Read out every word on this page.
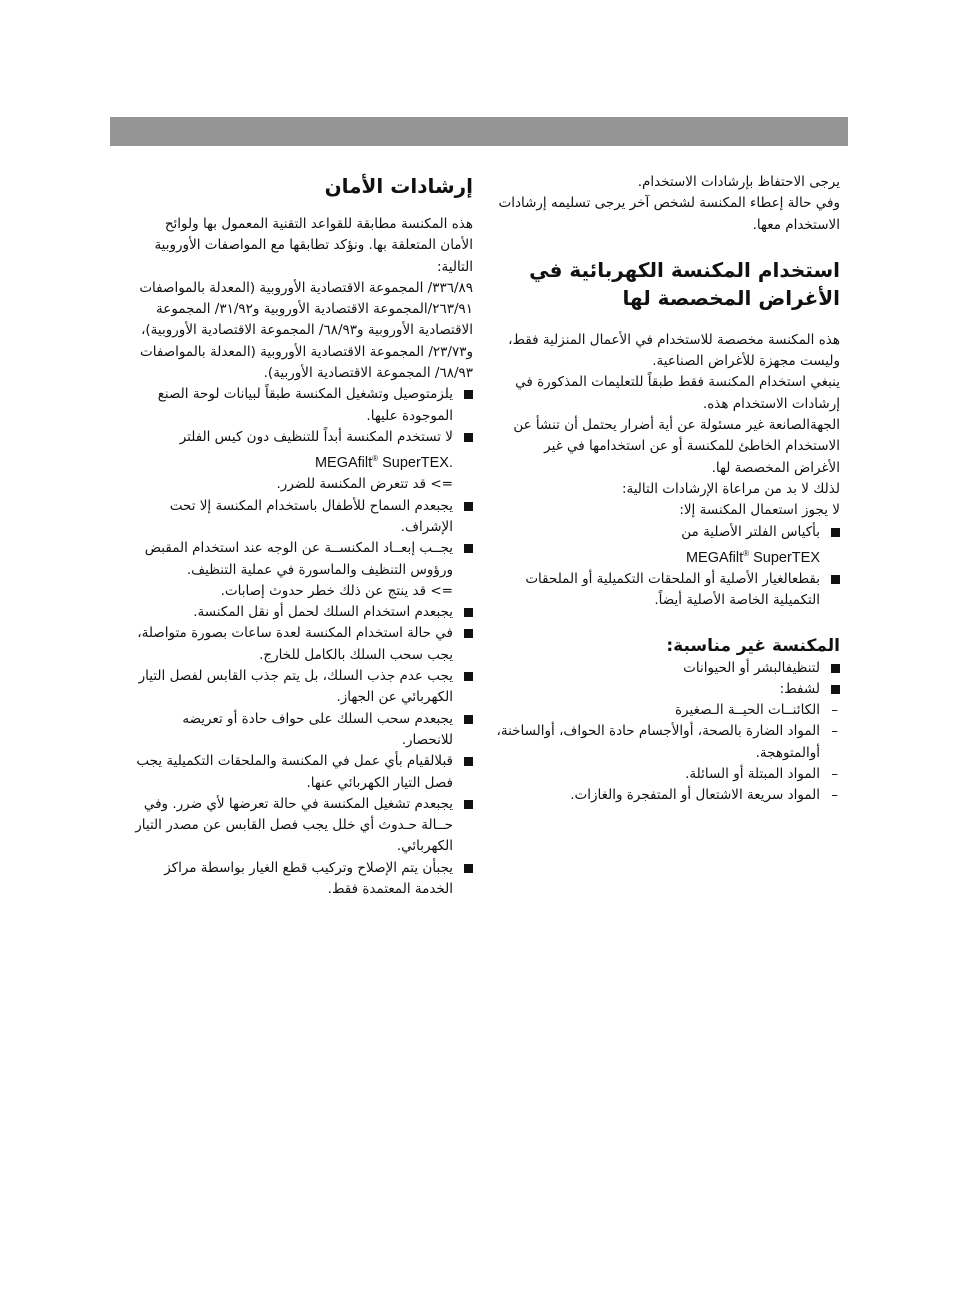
يرجى الاحتفاظ بإرشادات الاستخدام.

وفي حالة إعطاء المكنسة لشخص آخر يرجى تسليمه إرشادات الاستخدام معها.

استخدام المكنسة الكهربائية في
الأغراض المخصصة لها

هذه المكنسة مخصصة للاستخدام في الأعمال المنزلية فقط، وليست مجهزة للأغراض الصناعية.

ينبغي استخدام المكنسة فقط طبقاً للتعليمات المذكورة في إرشادات الاستخدام هذه.

الجهةالصانعة غير مسئولة عن أية أضرار يحتمل أن تنشأ عن الاستخدام الخاطئ للمكنسة أو عن استخدامها في غير الأغراض المخصصة لها.

لذلك لا بد من مراعاة الإرشادات التالية:

لا يجوز استعمال المكنسة إلا:

بأكياس الفلتر الأصلية من
MEGAfilt® SuperTEX
بقطعالغيار الأصلية أو الملحقات التكميلية أو الملحقات التكميلية الخاصة الأصلية أيضاً.
المكنسة غير مناسبة:
لتنظيفالبشر أو الحيوانات
لشفط:
–
الكائنــات الحيــة الـصغيرة
–
المواد الضارة بالصحة، أوالأجسام حادة الحواف، أوالساخنة، أوالمتوهجة.
–
المواد المبتلة أو السائلة.
–
المواد سريعة الاشتعال أو المتفجرة والغازات.
إرشادات الأمان

هذه المكنسة مطابقة للقواعد التقنية المعمول بها ولوائح الأمان المتعلقة بها. ونؤكد تطابقها مع المواصفات الأوروبية التالية:

٣٣٦/٨٩/ المجموعة الاقتصادية الأوروبية (المعدلة بالمواصفات ٢٦٣/٩١/المجموعة الاقتصادية الأوروبية و٣١/٩٢/ المجموعة الاقتصادية الأوروبية و٦٨/٩٣/ المجموعة الاقتصادية الأوروبية)، و٢٣/٧٣/ المجموعة الاقتصادية الأوروبية (المعدلة بالمواصفات ٦٨/٩٣/ المجموعة الاقتصادية الأوربية).

يلزمتوصيل وتشغيل المكنسة طبقاً لبيانات لوحة الصنع الموجودة عليها.
لا تستخدم المكنسة أبداً للتنظيف دون كيس الفلتر
MEGAfilt® SuperTEX.
=> قد تتعرض المكنسة للضرر.
يجبعدم السماح للأطفال باستخدام المكنسة إلا تحت الإشراف.
يجــب إبعــاد المكنســة عن الوجه عند استخدام المقبض ورؤوس التنظيف والماسورة في عملية التنظيف.
=> قد ينتج عن ذلك خطر حدوث إصابات.
يجبعدم استخدام السلك لحمل أو نقل المكنسة.
في حالة استخدام المكنسة لعدة ساعات بصورة متواصلة، يجب سحب السلك بالكامل للخارج.
يجب عدم جذب السلك، بل يتم جذب القابس لفصل التيار الكهربائي عن الجهاز.
يجبعدم سحب السلك على حواف حادة أو تعريضه للانحصار.
قبلالقيام بأي عمل في المكنسة والملحقات التكميلية يجب فصل التيار الكهربائي عنها.
يجبعدم تشغيل المكنسة في حالة تعرضها لأي ضرر. وفي حــالة حـدوث أي خلل يجب فصل القابس عن مصدر التيار الكهربائي.
يجبأن يتم الإصلاح وتركيب قطع الغيار بواسطة مراكز الخدمة المعتمدة فقط.
